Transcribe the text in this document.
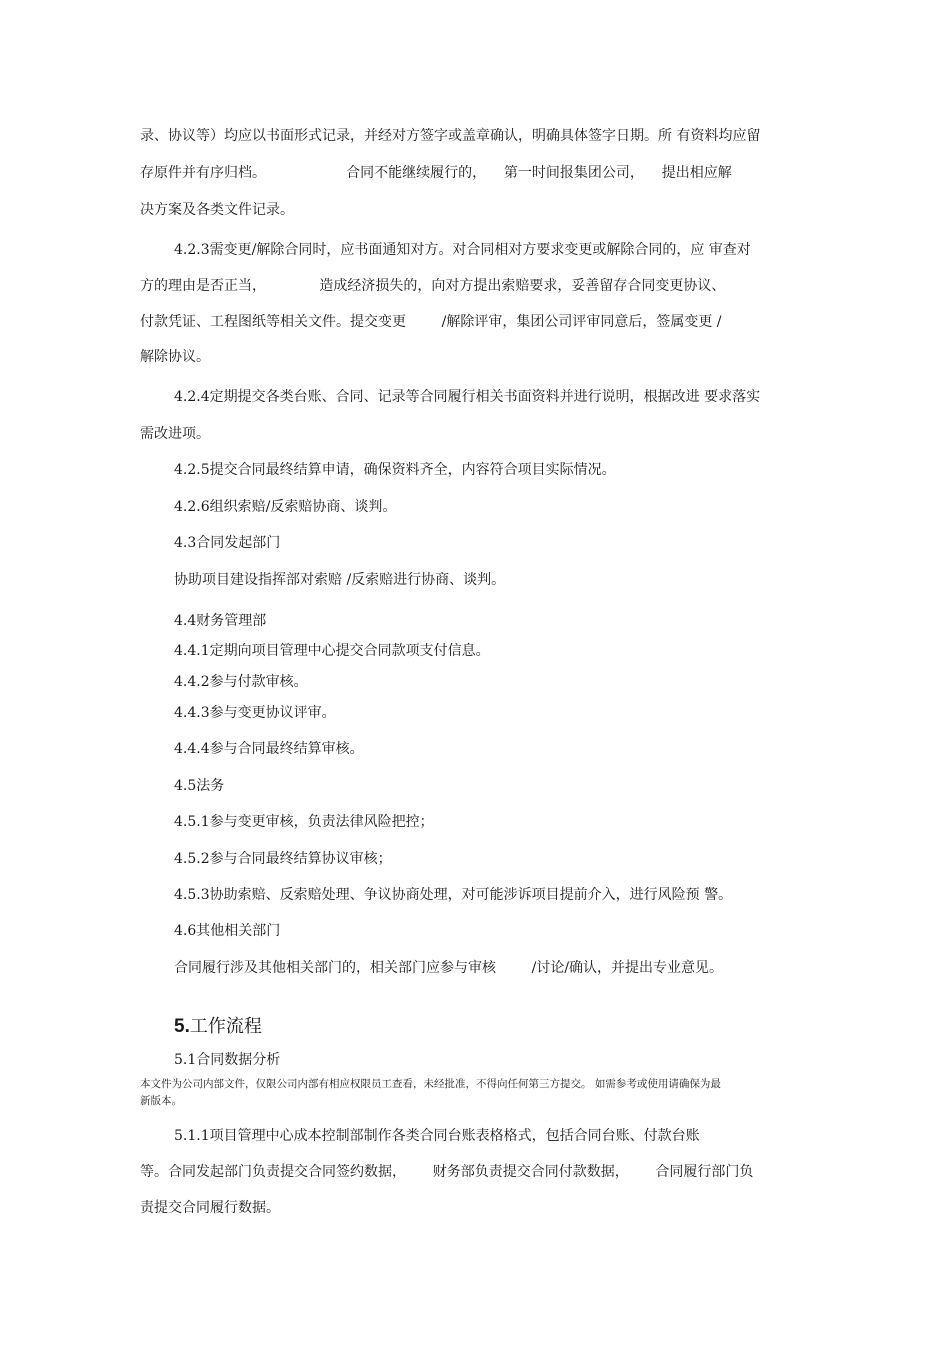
录、协议等）均应以书面形式记录，并经对方签字或盖章确认，明确具体签字日期。所 有资料均应留
存原件并有序归档。                  合同不能继续履行的，    第一时间报集团公司，    提出相应解
决方案及各类文件记录。
4.2.3需变更/解除合同时，应书面通知对方。对合同相对方要求变更或解除合同的，应 审查对
方的理由是否正当，            造成经济损失的，向对方提出索赔要求，妥善留存合同变更协议、
付款凭证、工程图纸等相关文件。提交变更        /解除评审，集团公司评审同意后，签属变更 /
解除协议。
4.2.4定期提交各类台账、合同、记录等合同履行相关书面资料并进行说明，根据改进 要求落实
需改进项。
4.2.5提交合同最终结算申请，确保资料齐全，内容符合项目实际情况。
4.2.6组织索赔/反索赔协商、谈判。
4.3合同发起部门
协助项目建设指挥部对索赔 /反索赔进行协商、谈判。
4.4财务管理部
4.4.1定期向项目管理中心提交合同款项支付信息。
4.4.2参与付款审核。
4.4.3参与变更协议评审。
4.4.4参与合同最终结算审核。
4.5法务
4.5.1参与变更审核，负责法律风险把控；
4.5.2参与合同最终结算协议审核；
4.5.3协助索赔、反索赔处理、争议协商处理，对可能涉诉项目提前介入，进行风险预 警。
4.6其他相关部门
合同履行涉及其他相关部门的，相关部门应参与审核        /讨论/确认，并提出专业意见。
5.工作流程
5.1合同数据分析
本文件为公司内部文件，仅限公司内部有相应权限员工查看，未经批准，不得向任何第三方提交。 如需参考或使用请确保为最
新版本。
5.1.1项目管理中心成本控制部制作各类合同台账表格格式，包括合同台账、付款台账
等。合同发起部门负责提交合同签约数据，      财务部负责提交合同付款数据，      合同履行部门负
责提交合同履行数据。
